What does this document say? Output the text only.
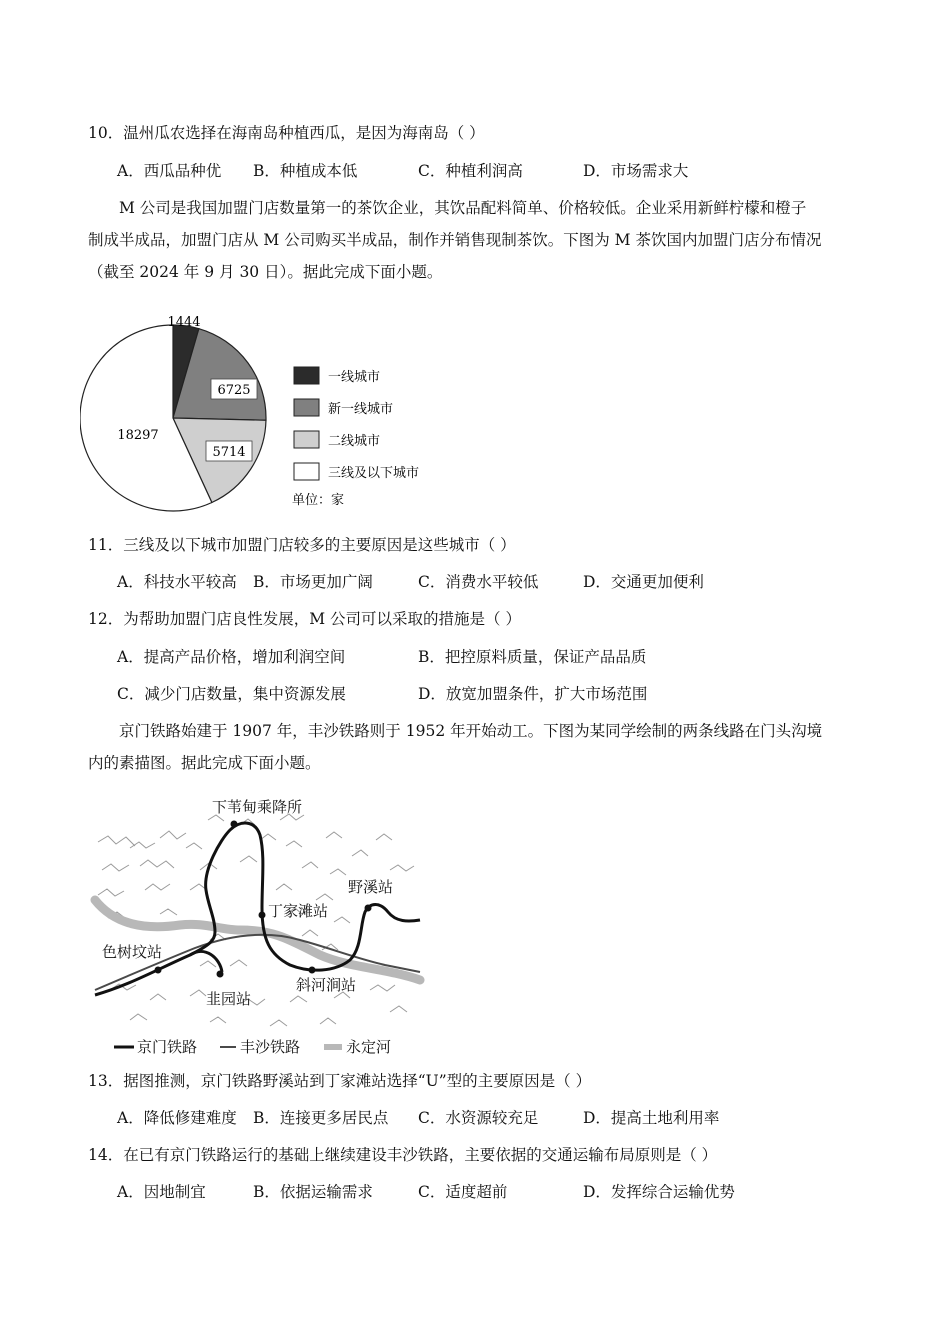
10．温州瓜农选择在海南岛种植西瓜，是因为海南岛（ ）
A．西瓜品种优 B．种植成本低	C．种植利润高	D．市场需求大

M 公司是我国加盟门店数量第一的茶饮企业，其饮品配料简单、价格较低。企业采用新鲜柠檬和橙子

制成半成品，加盟门店从 M 公司购买半成品，制作并销售现制茶饮。下图为 M 茶饮国内加盟门店分布情况

（截至 2024 年 9 月 30 日）。据此完成下面小题。

1444
6725
5714
18297
一线城市
新一线城市
二线城市
三线及以下城市
单位：家
11．三线及以下城市加盟门店较多的主要原因是这些城市（ ）
A．科技水平较高 B．市场更加广阔	C．消费水平较低	D．交通更加便利
12．为帮助加盟门店良性发展，M 公司可以采取的措施是（ ）
A．提高产品价格，增加利润空间	B．把控原料质量，保证产品品质
C．减少门店数量，集中资源发展	D．放宽加盟条件，扩大市场范围

京门铁路始建于 1907 年，丰沙铁路则于 1952 年开始动工。下图为某同学绘制的两条线路在门头沟境

内的素描图。据此完成下面小题。

下苇甸乘降所
丁家滩站
野溪站
色树坟站
韭园站
斜河涧站
京门铁路	丰沙铁路	永定河
13．据图推测，京门铁路野溪站到丁家滩站选择“U”型的主要原因是（ ）
A．降低修建难度 B．连接更多居民点 C．水资源较充足	D．提高土地利用率
14．在已有京门铁路运行的基础上继续建设丰沙铁路，主要依据的交通运输布局原则是（ ）
A．因地制宜	B．依据运输需求	C．适度超前	D．发挥综合运输优势
